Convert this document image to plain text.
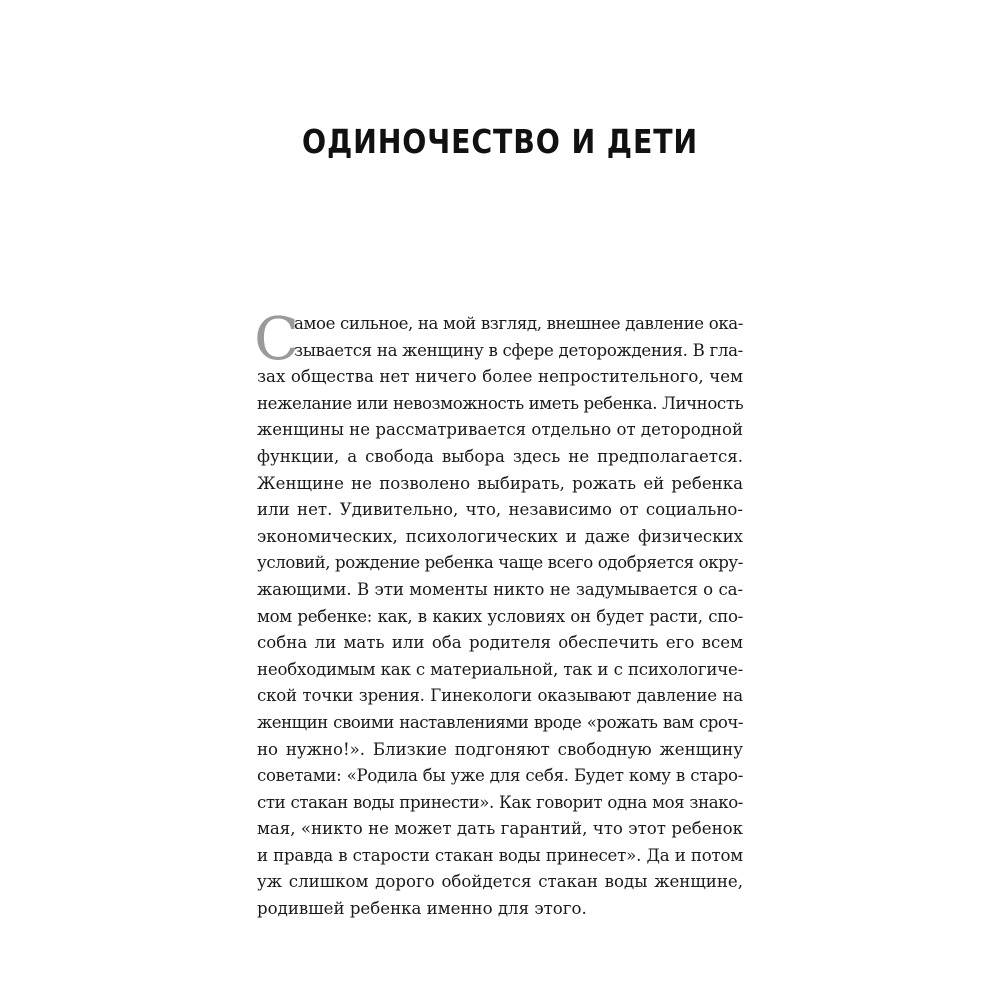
ОДИНОЧЕСТВО И ДЕТИ
С
амое сильное, на мой взгляд, внешнее давление ока-
зывается на женщину в сфере деторождения. В гла-
зах общества нет ничего более непростительного, чем
нежелание или невозможность иметь ребенка. Личность
женщины не рассматривается отдельно от детородной
функции, а свобода выбора здесь не предполагается.
Женщине не позволено выбирать, рожать ей ребенка
или нет. Удивительно, что, независимо от социально-
экономических, психологических и даже физических
условий, рождение ребенка чаще всего одобряется окру-
жающими. В эти моменты никто не задумывается о са-
мом ребенке: как, в каких условиях он будет расти, спо-
собна ли мать или оба родителя обеспечить его всем
необходимым как с материальной, так и с психологиче-
ской точки зрения. Гинекологи оказывают давление на
женщин своими наставлениями вроде «рожать вам сроч-
но нужно!». Близкие подгоняют свободную женщину
советами: «Родила бы уже для себя. Будет кому в старо-
сти стакан воды принести». Как говорит одна моя знако-
мая, «никто не может дать гарантий, что этот ребенок
и правда в старости стакан воды принесет». Да и потом
уж слишком дорого обойдется стакан воды женщине,
родившей ребенка именно для этого.
